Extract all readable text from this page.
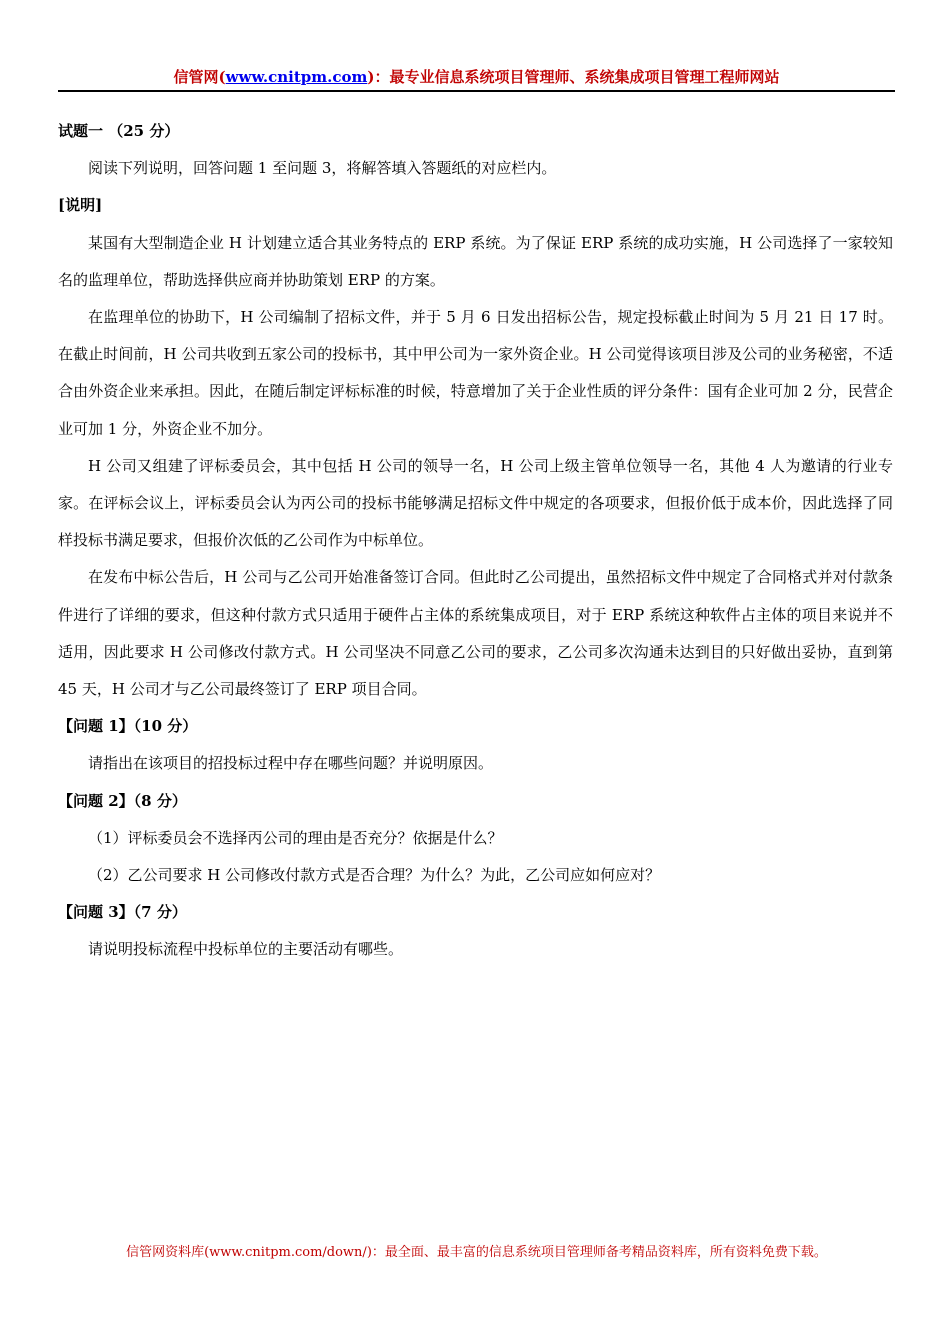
信管网(www.cnitpm.com)：最专业信息系统项目管理师、系统集成项目管理工程师网站

试题一 （25 分）

阅读下列说明，回答问题 1 至问题 3，将解答填入答题纸的对应栏内。

[说明]

某国有大型制造企业 H 计划建立适合其业务特点的 ERP 系统。为了保证 ERP 系统的成功实施，H 公司选择了一家较知名的监理单位，帮助选择供应商并协助策划 ERP 的方案。

在监理单位的协助下，H 公司编制了招标文件，并于 5 月 6 日发出招标公告，规定投标截止时间为 5 月 21 日 17 时。在截止时间前，H 公司共收到五家公司的投标书，其中甲公司为一家外资企业。H 公司觉得该项目涉及公司的业务秘密，不适合由外资企业来承担。因此，在随后制定评标标准的时候，特意增加了关于企业性质的评分条件：国有企业可加 2 分，民营企业可加 1 分，外资企业不加分。

H 公司又组建了评标委员会，其中包括 H 公司的领导一名，H 公司上级主管单位领导一名，其他 4 人为邀请的行业专家。在评标会议上，评标委员会认为丙公司的投标书能够满足招标文件中规定的各项要求，但报价低于成本价，因此选择了同样投标书满足要求，但报价次低的乙公司作为中标单位。

在发布中标公告后，H 公司与乙公司开始准备签订合同。但此时乙公司提出，虽然招标文件中规定了合同格式并对付款条件进行了详细的要求，但这种付款方式只适用于硬件占主体的系统集成项目，对于 ERP 系统这种软件占主体的项目来说并不适用，因此要求 H 公司修改付款方式。H 公司坚决不同意乙公司的要求，乙公司多次沟通未达到目的只好做出妥协，直到第 45 天，H 公司才与乙公司最终签订了 ERP 项目合同。

【问题 1】（10 分）

请指出在该项目的招投标过程中存在哪些问题？并说明原因。

【问题 2】（8 分）

（1）评标委员会不选择丙公司的理由是否充分？依据是什么？

（2）乙公司要求 H 公司修改付款方式是否合理？为什么？为此，乙公司应如何应对？

【问题 3】（7 分）

请说明投标流程中投标单位的主要活动有哪些。

信管网资料库(www.cnitpm.com/down/)：最全面、最丰富的信息系统项目管理师备考精品资料库，所有资料免费下载。
